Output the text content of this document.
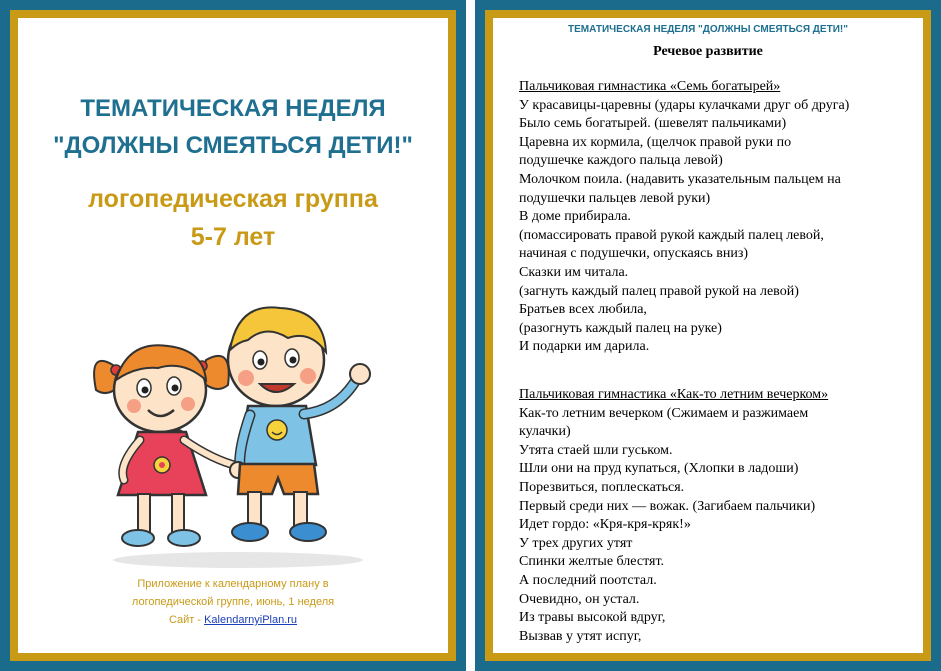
ТЕМАТИЧЕСКАЯ НЕДЕЛЯ
"ДОЛЖНЫ СМЕЯТЬСЯ ДЕТИ!"
логопедическая группа
5-7 лет
Приложение к календарному плану в
логопедической группе, июнь, 1 неделя
Сайт - KalendarnyiPlan.ru
ТЕМАТИЧЕСКАЯ НЕДЕЛЯ "ДОЛЖНЫ СМЕЯТЬСЯ ДЕТИ!"
Речевое развитие
Пальчиковая гимнастика «Семь богатырей»
У красавицы-царевны (удары кулачками друг об друга)
Было семь богатырей. (шевелят пальчиками)
Царевна их кормила, (щелчок правой руки по
подушечке каждого пальца левой)
Молочком поила. (надавить указательным пальцем на
подушечки пальцев левой руки)
В доме прибирала.
(помассировать правой рукой каждый палец левой,
начиная с подушечки, опускаясь вниз)
Сказки им читала.
(загнуть каждый палец правой рукой на левой)
Братьев всех любила,
(разогнуть каждый палец на руке)
И подарки им дарила.
Пальчиковая гимнастика «Как-то летним вечерком»
Как-то летним вечерком (Сжимаем и разжимаем
кулачки)
Утята стаей шли гуськом.
Шли они на пруд купаться, (Хлопки в ладоши)
Порезвиться, поплескаться.
Первый среди них — вожак. (Загибаем пальчики)
Идет гордо: «Кря-кря-кряк!»
У трех других утят
Спинки желтые блестят.
А последний поотстал.
Очевидно, он устал.
Из травы высокой вдруг,
Вызвав у утят испуг,
